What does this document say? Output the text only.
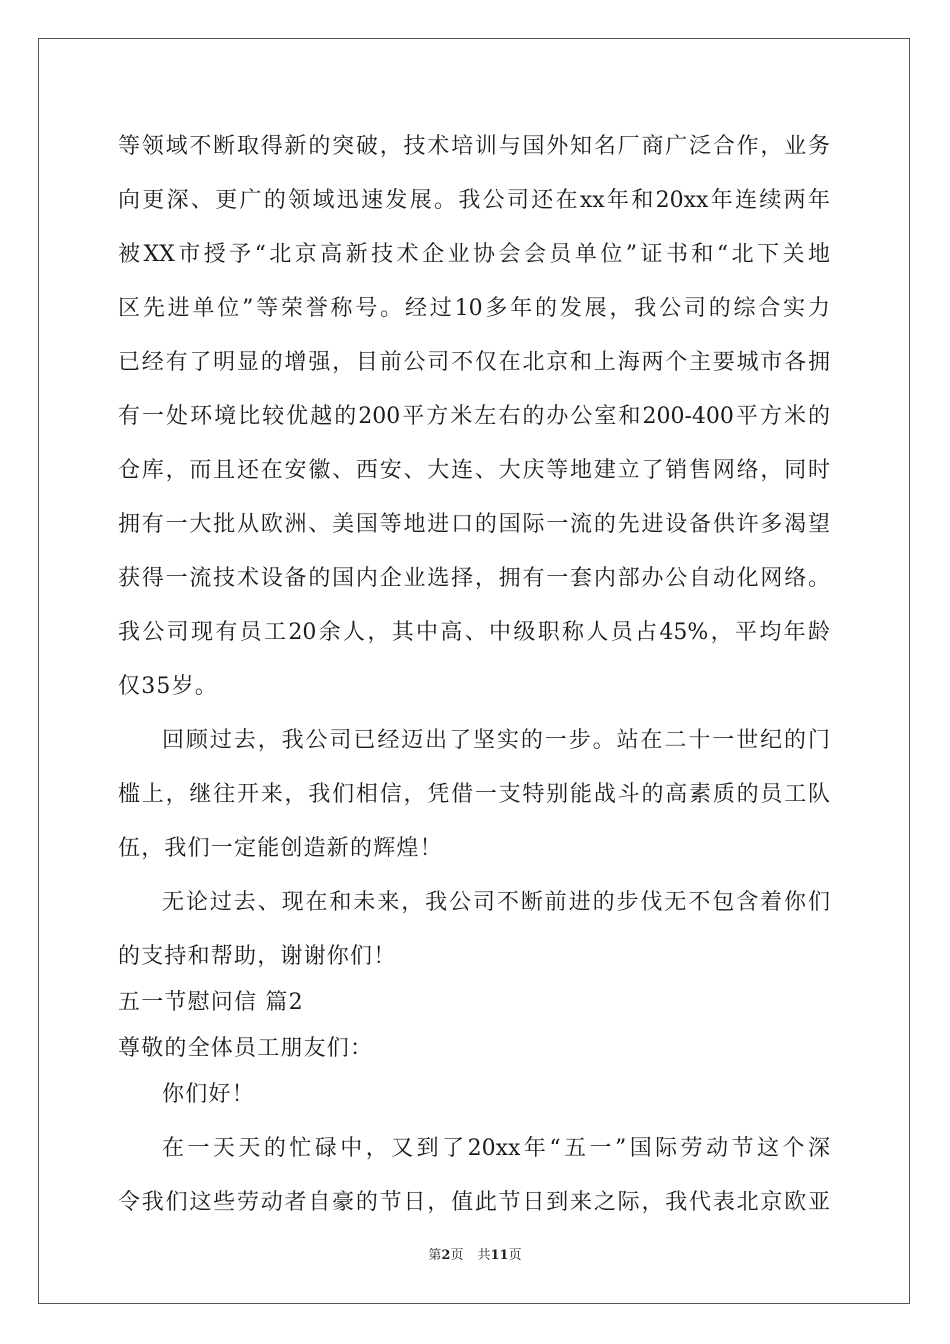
等领域不断取得新的突破，技术培训与国外知名厂商广泛合作，业务
向更深、更广的领域迅速发展。我公司还在xx年和20xx年连续两年
被XX市授予“北京高新技术企业协会会员单位”证书和“北下关地
区先进单位”等荣誉称号。经过10多年的发展，我公司的综合实力
已经有了明显的增强，目前公司不仅在北京和上海两个主要城市各拥
有一处环境比较优越的200平方米左右的办公室和200-400平方米的
仓库，而且还在安徽、西安、大连、大庆等地建立了销售网络，同时
拥有一大批从欧洲、美国等地进口的国际一流的先进设备供许多渴望
获得一流技术设备的国内企业选择，拥有一套内部办公自动化网络。
我公司现有员工20余人，其中高、中级职称人员占45%，平均年龄
仅35岁。
回顾过去，我公司已经迈出了坚实的一步。站在二十一世纪的门
槛上，继往开来，我们相信，凭借一支特别能战斗的高素质的员工队
伍，我们一定能创造新的辉煌！
无论过去、现在和未来，我公司不断前进的步伐无不包含着你们
的支持和帮助，谢谢你们！
五一节慰问信 篇2
尊敬的全体员工朋友们：
你们好！
在一天天的忙碌中，又到了20xx年“五一”国际劳动节这个深
令我们这些劳动者自豪的节日，值此节日到来之际，我代表北京欧亚
第2页 共11页
